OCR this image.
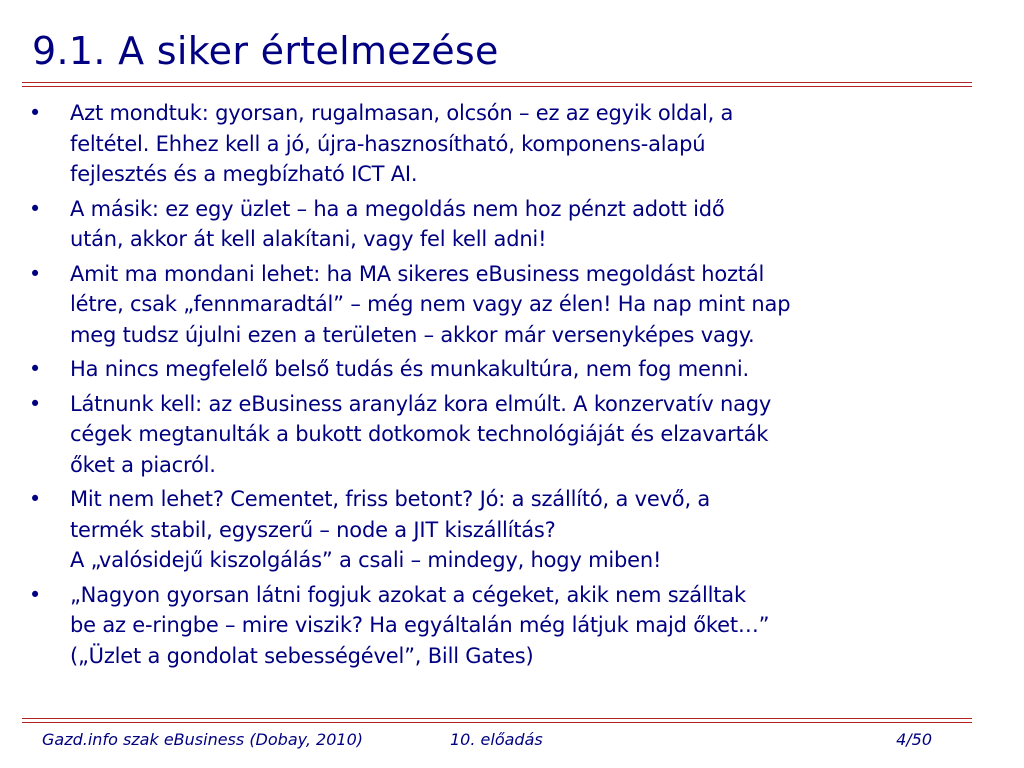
9.1. A siker értelmezése
• Azt mondtuk: gyorsan, rugalmasan, olcsón – ez az egyik oldal, a
feltétel. Ehhez kell a jó, újra-hasznosítható, komponens-alapú
fejlesztés és a megbízható ICT AI.
• A másik: ez egy üzlet – ha a megoldás nem hoz pénzt adott idő
után, akkor át kell alakítani, vagy fel kell adni!
• Amit ma mondani lehet: ha MA sikeres eBusiness megoldást hoztál
létre, csak „fennmaradtál” – még nem vagy az élen! Ha nap mint nap
meg tudsz újulni ezen a területen – akkor már versenyképes vagy.
• Ha nincs megfelelő belső tudás és munkakultúra, nem fog menni.
• Látnunk kell: az eBusiness aranyláz kora elmúlt. A konzervatív nagy
cégek megtanulták a bukott dotkomok technológiáját és elzavarták
őket a piacról.
• Mit nem lehet? Cementet, friss betont? Jó: a szállító, a vevő, a
termék stabil, egyszerű – node a JIT kiszállítás?
A „valósidejű kiszolgálás” a csali – mindegy, hogy miben!
• „Nagyon gyorsan látni fogjuk azokat a cégeket, akik nem szálltak
be az e-ringbe – mire viszik? Ha egyáltalán még látjuk majd őket…”
(„Üzlet a gondolat sebességével”, Bill Gates)
Gazd.info szak eBusiness (Dobay, 2010)	10. előadás	4/50
